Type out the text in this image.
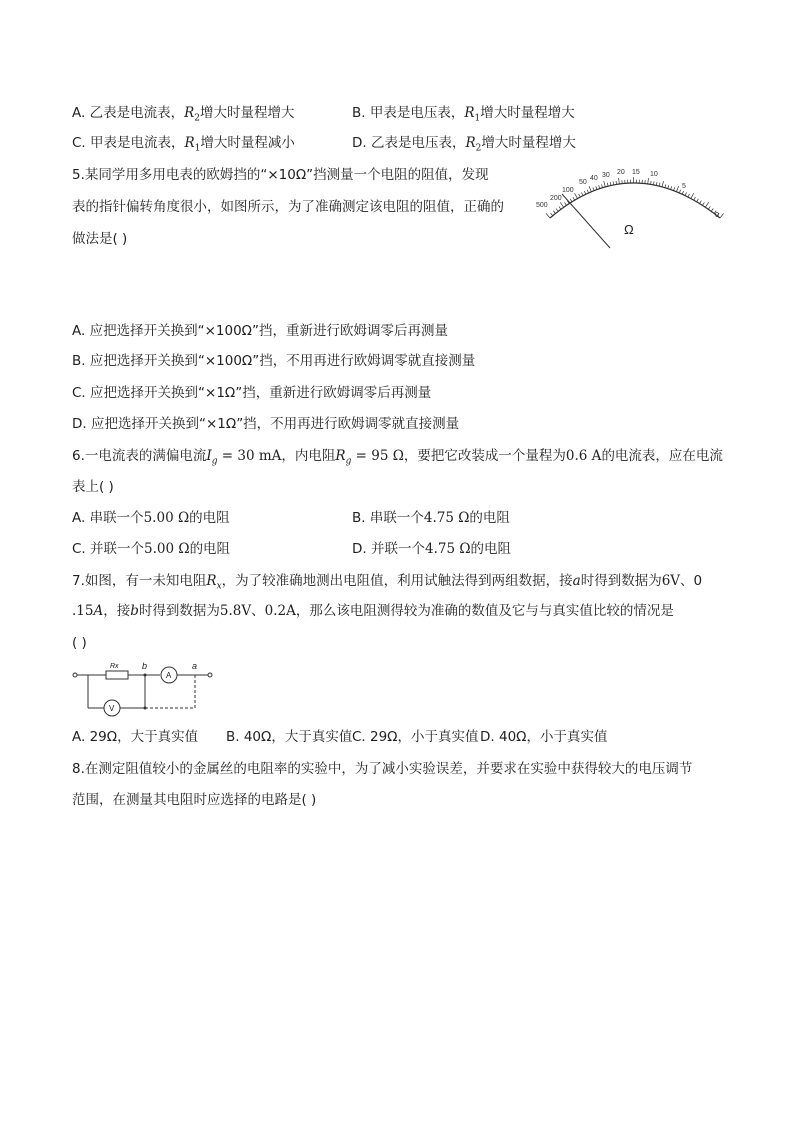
A. 乙表是电流表，$R_2$增大时量程增大	B. 甲表是电压表，$R_1$增大时量程增大
C. 甲表是电流表，$R_1$增大时量程减小	D. 乙表是电压表，$R_2$增大时量程增大
5.某同学用多用电表的欧姆挡的“×10Ω”挡测量一个电阻的阻值，发现
表的指针偏转角度很小，如图所示，为了准确测定该电阻的阻值，正确的
做法是( )
500
200
100
50
40 30 20 15 10
5
0
Ω
A. 应把选择开关换到“×100Ω”挡，重新进行欧姆调零后再测量
B. 应把选择开关换到“×100Ω”挡，不用再进行欧姆调零就直接测量
C. 应把选择开关换到“×1Ω”挡，重新进行欧姆调零后再测量
D. 应把选择开关换到“×1Ω”挡，不用再进行欧姆调零就直接测量
6.一电流表的满偏电流$I_g = 30$ mA，内电阻$R_g = 95$ Ω，要把它改装成一个量程为0.6 A的电流表，应在电流
表上( )
A. 串联一个5.00 Ω的电阻	B. 串联一个4.75 Ω的电阻
C. 并联一个5.00 Ω的电阻	D. 并联一个4.75 Ω的电阻
7.如图，有一未知电阻$R_x$，为了较准确地测出电阻值，利用试触法得到两组数据，接a时得到数据为6V、0
.15A，接b时得到数据为5.8V、0.2A，那么该电阻测得较为准确的数值及它与与真实值比较的情况是
( )
Rx	b	a
A
V
A. 29Ω，大于真实值 B. 40Ω，大于真实值 C. 29Ω，小于真实值 D. 40Ω，小于真实值
8.在测定阻值较小的金属丝的电阻率的实验中，为了减小实验误差，并要求在实验中获得较大的电压调节
范围，在测量其电阻时应选择的电路是( )
